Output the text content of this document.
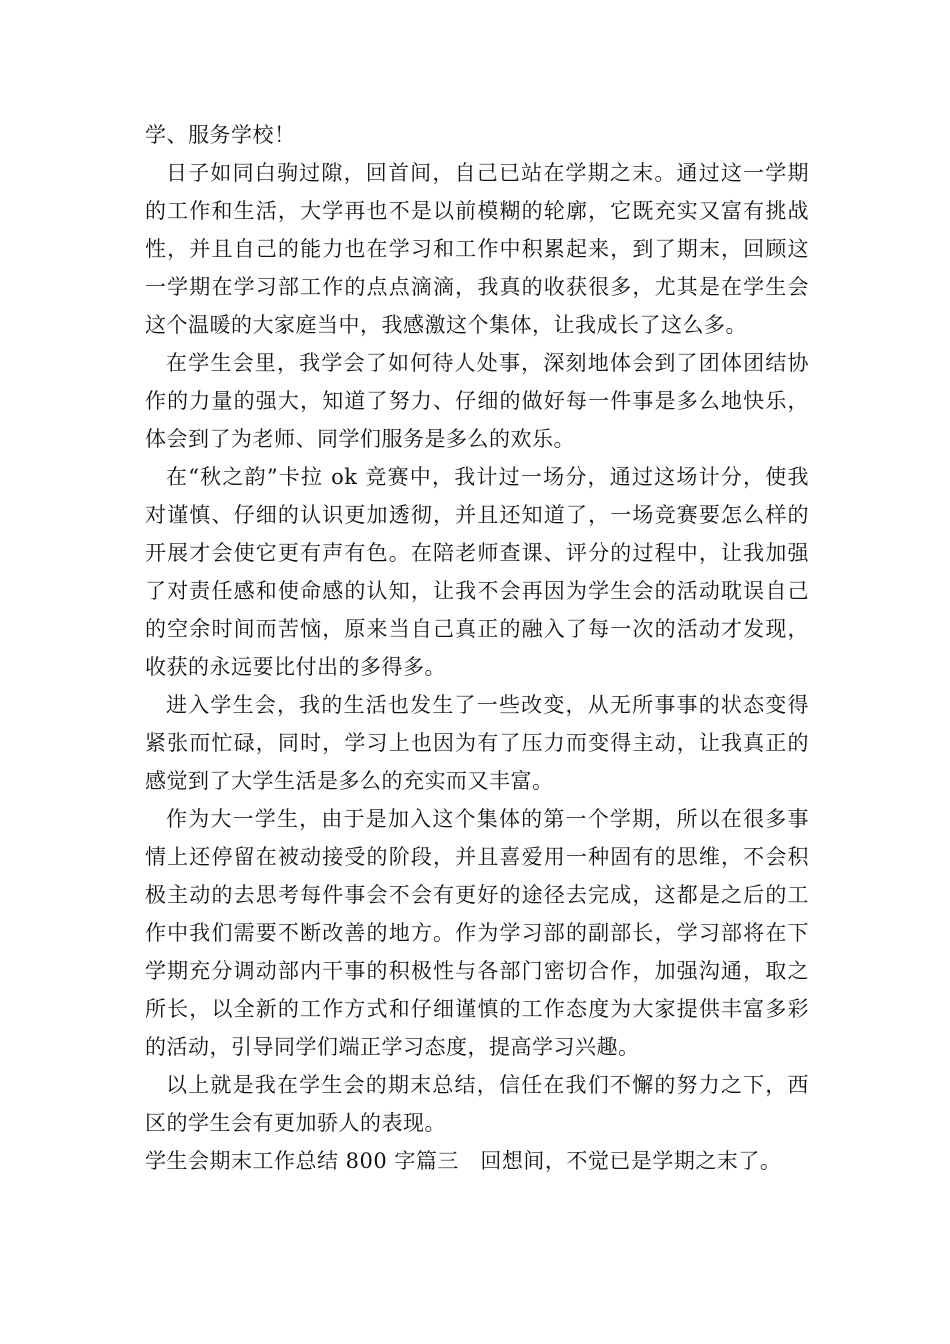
学、服务学校！

日子如同白驹过隙，回首间，自己已站在学期之末。通过这一学期的工作和生活，大学再也不是以前模糊的轮廓，它既充实又富有挑战性，并且自己的能力也在学习和工作中积累起来，到了期末，回顾这一学期在学习部工作的点点滴滴，我真的收获很多，尤其是在学生会这个温暖的大家庭当中，我感激这个集体，让我成长了这么多。

在学生会里，我学会了如何待人处事，深刻地体会到了团体团结协作的力量的强大，知道了努力、仔细的做好每一件事是多么地快乐，体会到了为老师、同学们服务是多么的欢乐。

在“秋之韵”卡拉 ok 竞赛中，我计过一场分，通过这场计分，使我对谨慎、仔细的认识更加透彻，并且还知道了，一场竞赛要怎么样的开展才会使它更有声有色。在陪老师查课、评分的过程中，让我加强了对责任感和使命感的认知，让我不会再因为学生会的活动耽误自己的空余时间而苦恼，原来当自己真正的融入了每一次的活动才发现，收获的永远要比付出的多得多。

进入学生会，我的生活也发生了一些改变，从无所事事的状态变得紧张而忙碌，同时，学习上也因为有了压力而变得主动，让我真正的感觉到了大学生活是多么的充实而又丰富。

作为大一学生，由于是加入这个集体的第一个学期，所以在很多事情上还停留在被动接受的阶段，并且喜爱用一种固有的思维，不会积极主动的去思考每件事会不会有更好的途径去完成，这都是之后的工作中我们需要不断改善的地方。作为学习部的副部长，学习部将在下学期充分调动部内干事的积极性与各部门密切合作，加强沟通，取之所长，以全新的工作方式和仔细谨慎的工作态度为大家提供丰富多彩的活动，引导同学们端正学习态度，提高学习兴趣。

以上就是我在学生会的期末总结，信任在我们不懈的努力之下，西区的学生会有更加骄人的表现。

学生会期末工作总结 800 字篇三　回想间，不觉已是学期之末了。
